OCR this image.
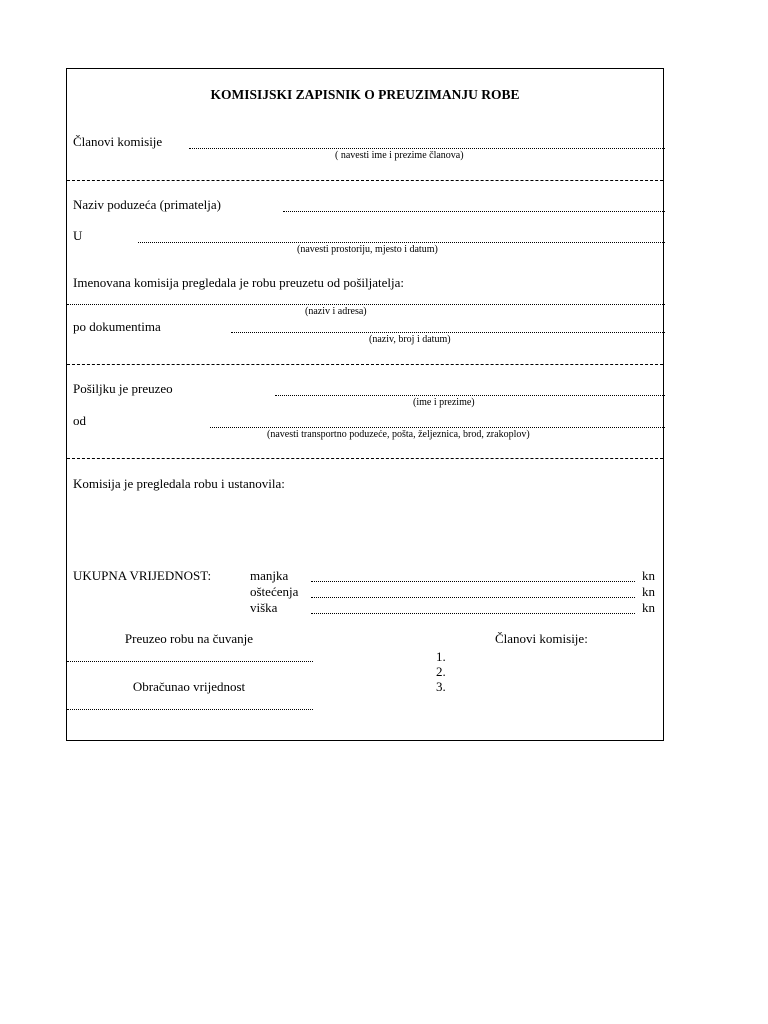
KOMISIJSKI ZAPISNIK O PREUZIMANJU ROBE
Članovi komisije
( navesti ime i prezime članova)
Naziv poduzeća (primatelja)
U
(navesti prostoriju, mjesto i datum)
Imenovana komisija pregledala je robu preuzetu od pošiljatelja:
(naziv i adresa)
po dokumentima
(naziv, broj i datum)
Pošiljku je preuzeo
(ime i prezime)
od
(navesti transportno poduzeće, pošta, željeznica, brod, zrakoplov)
Komisija je pregledala robu i ustanovila:
UKUPNA VRIJEDNOST:	manjka	kn
oštećenja	kn
viška	kn
Preuzeo robu na čuvanje
Obračunao vrijednost
Članovi komisije:
1.
2.
3.
